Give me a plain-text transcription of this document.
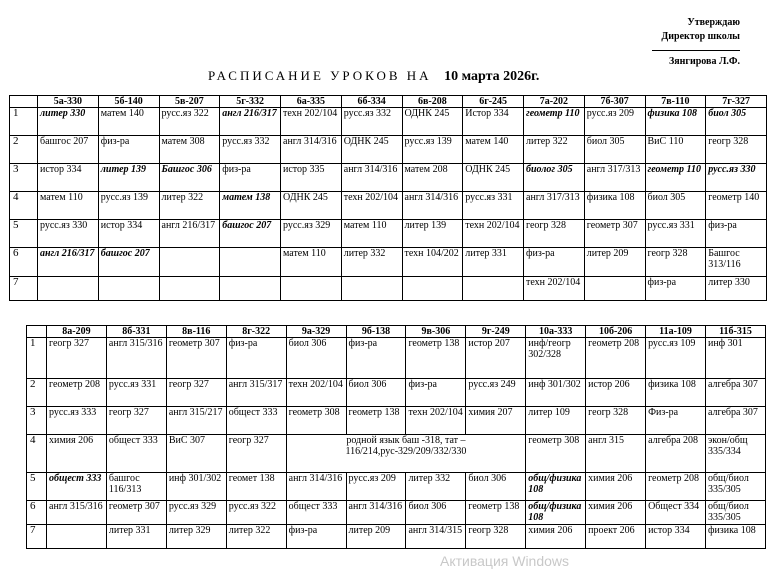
Утверждаю
Директор школы
Зянгирова Л.Ф.
РАСПИСАНИЕ УРОКОВ НА 10 марта 2026г.
	5а-330	5б-140	5в-207	5г-332	6а-335	6б-334	6в-208	6г-245	7а-202	7б-307	7в-110	7г-327
1	литер 330	матем 140	русс.яз 322	англ 216/317	техн 202/104	русс.яз 332	ОДНК 245	Истор 334	геометр 110	русс.яз 209	физика 108	биол 305
2	башгос 207	физ-ра	матем 308	русс.яз 332	англ 314/316	ОДНК 245	русс.яз 139	матем 140	литер 322	биол 305	ВиС 110	геогр 328
3	истор 334	литер 139	Башгос 306	физ-ра	истор 335	англ 314/316	матем 208	ОДНК 245	биолог 305	англ 317/313	геометр 110	русс.яз 330
4	матем 110	русс.яз 139	литер 322	матем 138	ОДНК 245	техн 202/104	англ 314/316	русс.яз 331	англ 317/313	физика 108	биол 305	геометр 140
5	русс.яз 330	истор 334	англ 216/317	башгос 207	русс.яз 329	матем 110	литер 139	техн 202/104	геогр 328	геометр 307	русс.яз 331	физ-ра
6	англ 216/317	башгос 207			матем 110	литер 332	техн 104/202	литер 331	физ-ра	литер 209	геогр 328	Башгос 313/116
7									техн 202/104		физ-ра	литер 330
	8а-209	8б-331	8в-116	8г-322	9а-329	9б-138	9в-306	9г-249	10а-333	10б-206	11а-109	11б-315
1	геогр 327	англ 315/316	геометр 307	физ-ра	биол 306	физ-ра	геометр 138	истор 207	инф/геогр 302/328	геометр 208	русс.яз 109	инф 301
2	геометр 208	русс.яз 331	геогр 327	англ 315/317	техн 202/104	биол 306	физ-ра	русс.яз 249	инф 301/302	истор 206	физика 108	алгебра 307
3	русс.яз 333	геогр 327	англ 315/217	общест 333	геометр 308	геометр 138	техн 202/104	химия 207	литер 109	геогр 328	Физ-ра	алгебра 307
4	химия 206	общест 333	ВиС 307	геогр 327	родной язык баш -318, тат – 116/214,рус-329/209/332/330				геометр 308	англ 315	алгебра 208	экон/общ 335/334
5	общест 333	башгос 116/313	инф 301/302	геомет 138	англ 314/316	русс.яз 209	литер 332	биол 306	общ/физика 108	химия 206	геометр 208	общ/биол 335/305
6	англ 315/316	геометр 307	русс.яз 329	русс.яз 322	общест 333	англ 314/316	биол 306	геометр 138	общ/физика 108	химия 206	Общест 334	общ/биол 335/305
7		литер 331	литер 329	литер 322	физ-ра	литер 209	англ 314/315	геогр 328	химия 206	проект 206	истор 334	физика 108
Активация Windows
